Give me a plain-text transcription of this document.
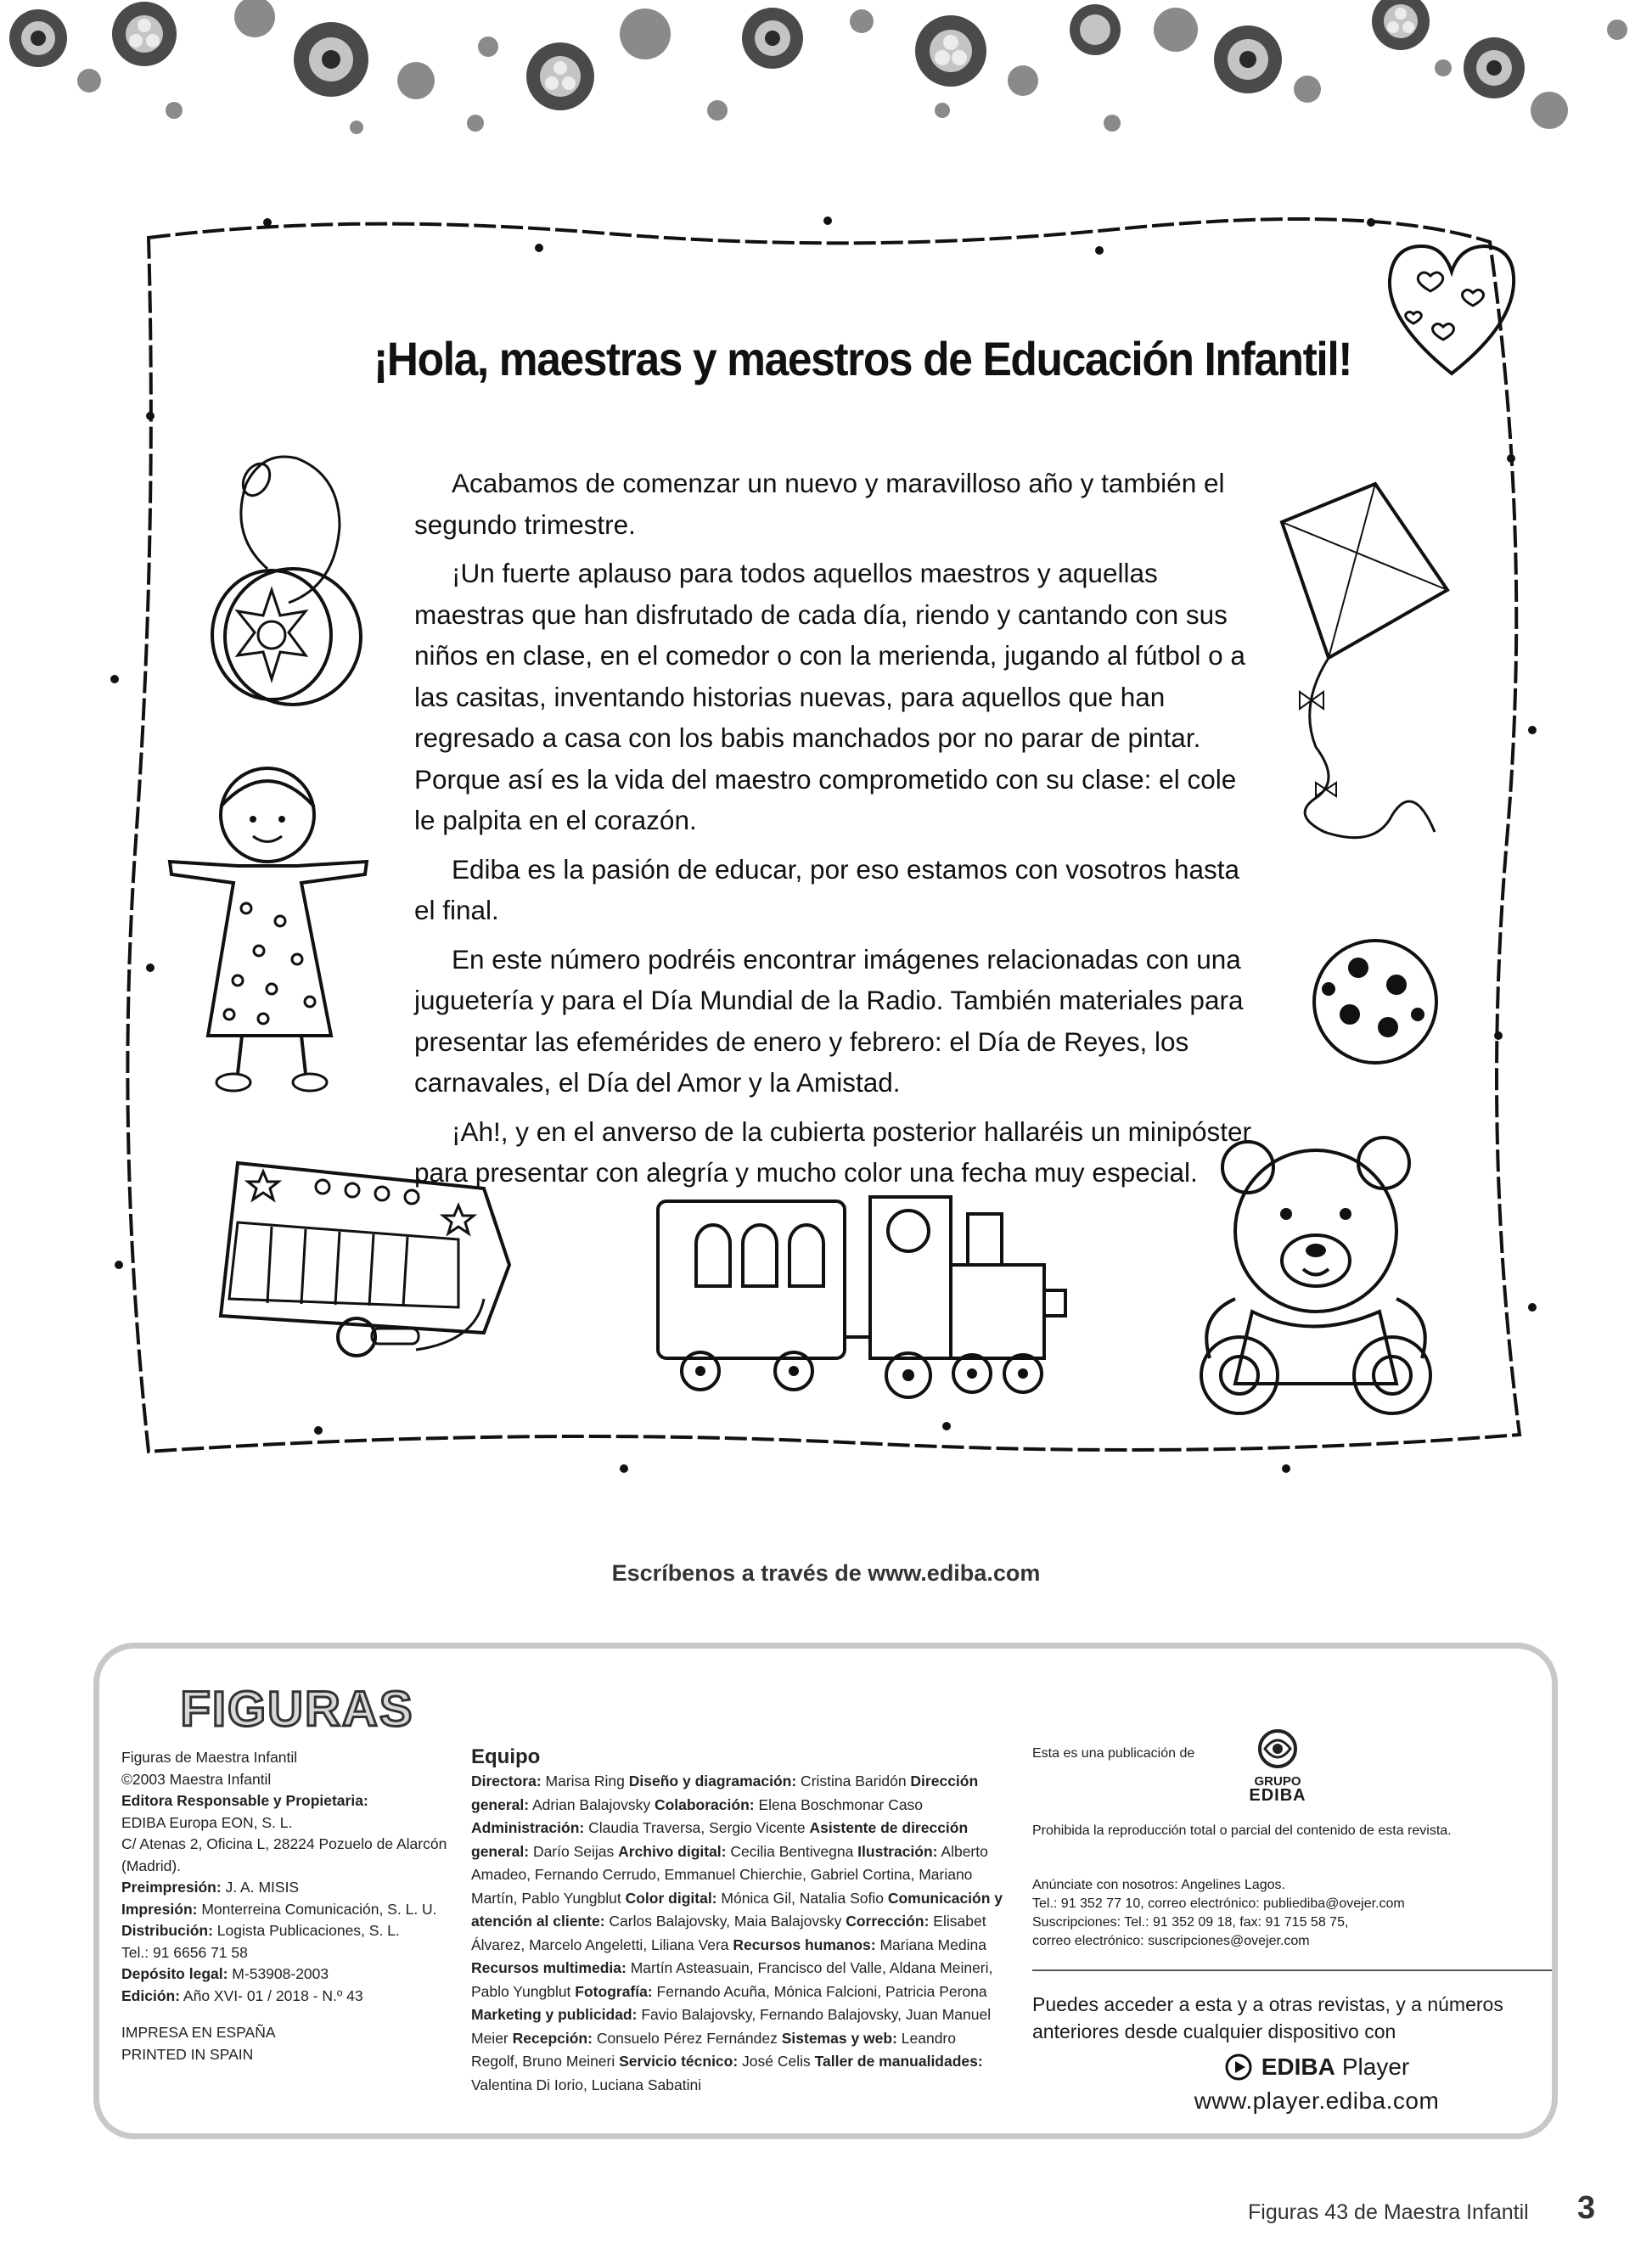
¡Hola, maestras y maestros de Educación Infantil!

Acabamos de comenzar un nuevo y maravilloso año y también el segundo trimestre.

¡Un fuerte aplauso para todos aquellos maestros y aquellas maestras que han disfrutado de cada día, riendo y cantando con sus niños en clase, en el comedor o con la merienda, jugando al fútbol o a las casitas, inventando historias nuevas, para aquellos que han regresado a casa con los babis manchados por no parar de pintar. Porque así es la vida del maestro comprometido con su clase: el cole le palpita en el corazón.

Ediba es la pasión de educar, por eso estamos con vosotros hasta el final.

En este número podréis encontrar imágenes relacionadas con una juguetería y para el Día Mundial de la Radio. También materiales para presentar las efemérides de enero y febrero: el Día de Reyes, los carnavales, el Día del Amor y la Amistad.

¡Ah!, y en el anverso de la cubierta posterior hallaréis un minipóster para presentar con alegría y mucho color una fecha muy especial.

Escríbenos a través de www.ediba.com
FIGURAS
Figuras de Maestra Infantil
©2003 Maestra Infantil
Editora Responsable y Propietaria:
EDIBA Europa EON, S. L.
C/ Atenas 2, Oficina L, 28224 Pozuelo de Alarcón
(Madrid).
Preimpresión: J. A. MISIS
Impresión: Monterreina Comunicación, S. L. U.
Distribución: Logista Publicaciones, S. L.
Tel.: 91 6656 71 58
Depósito legal: M-53908-2003
Edición: Año XVI- 01 / 2018 - N.º 43
IMPRESA EN ESPAÑA
PRINTED IN SPAIN
Equipo
Directora: Marisa Ring Diseño y diagramación: Cristina Baridón Dirección general: Adrian Balajovsky Colaboración: Elena Boschmonar Caso Administración: Claudia Traversa, Sergio Vicente Asistente de dirección general: Darío Seijas Archivo digital: Cecilia Bentivegna Ilustración: Alberto Amadeo, Fernando Cerrudo, Emmanuel Chierchie, Gabriel Cortina, Mariano Martín, Pablo Yungblut Color digital: Mónica Gil, Natalia Sofio Comunicación y atención al cliente: Carlos Balajovsky, Maia Balajovsky Corrección: Elisabet Álvarez, Marcelo Angeletti, Liliana Vera Recursos humanos: Mariana Medina Recursos multimedia: Martín Asteasuain, Francisco del Valle, Aldana Meineri, Pablo Yungblut Fotografía: Fernando Acuña, Mónica Falcioni, Patricia Perona Marketing y publicidad: Favio Balajovsky, Fernando Balajovsky, Juan Manuel Meier Recepción: Consuelo Pérez Fernández Sistemas y web: Leandro Regolf, Bruno Meineri Servicio técnico: José Celis Taller de manualidades: Valentina Di Iorio, Luciana Sabatini
Esta es una publicación de
GRUPO
EDIBA
Prohibida la reproducción total o parcial del contenido de esta revista.
Anúnciate con nosotros: Angelines Lagos.
Tel.: 91 352 77 10, correo electrónico: publiediba@ovejer.com
Suscripciones: Tel.: 91 352 09 18, fax: 91 715 58 75,
correo electrónico: suscripciones@ovejer.com
Puedes acceder a esta y a otras revistas, y a números anteriores desde cualquier dispositivo con
EDIBA Player
www.player.ediba.com
Figuras 43 de Maestra Infantil 3
